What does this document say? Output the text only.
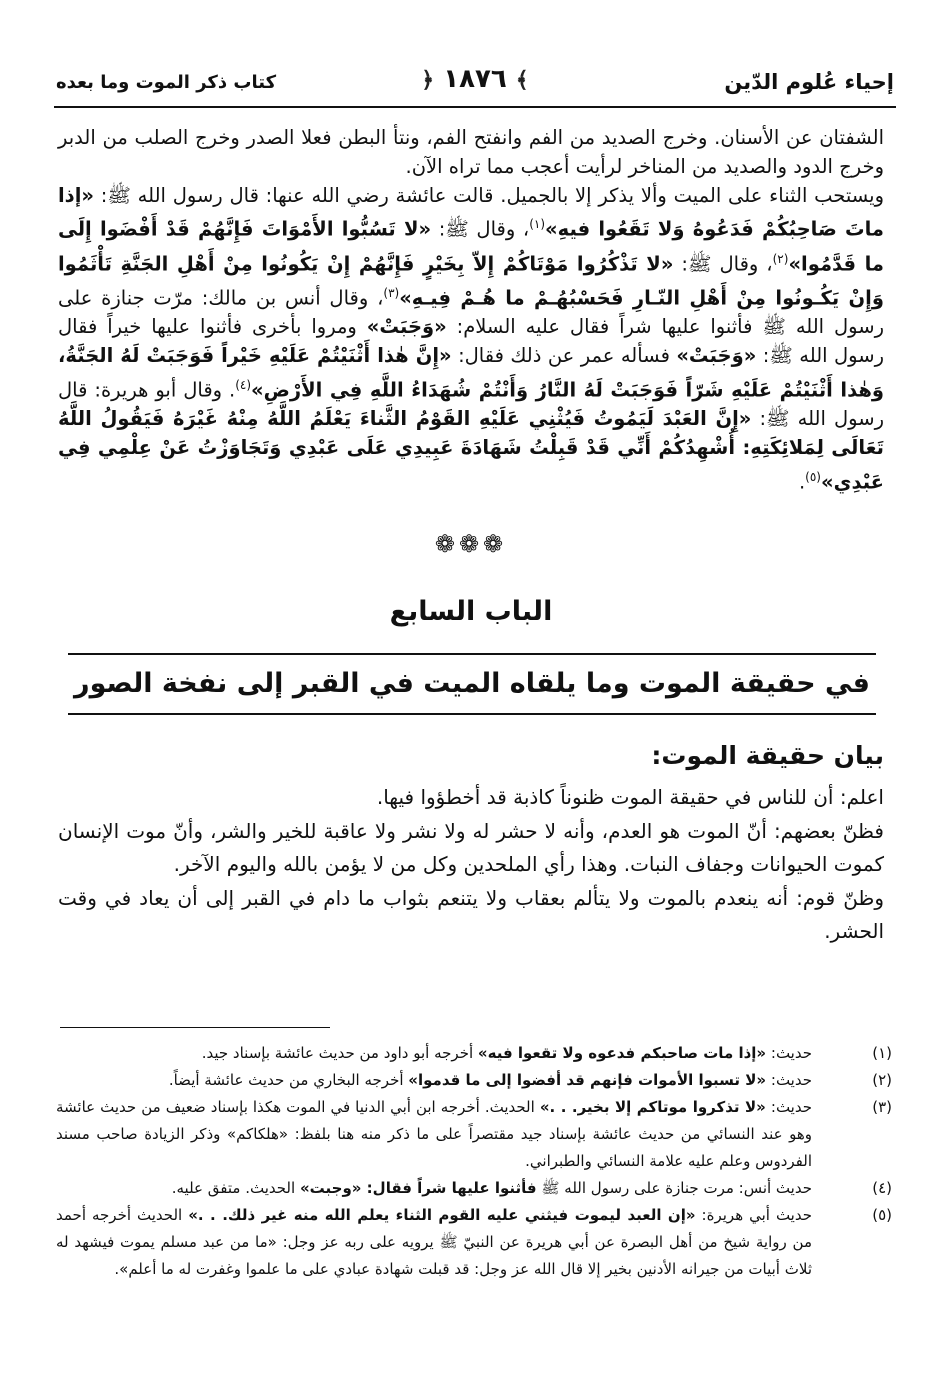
إحياء عُلوم الدّين
﴾ ١٨٧٦ ﴿
كتاب ذكر الموت وما بعده

الشفتان عن الأسنان. وخرج الصديد من الفم وانفتح الفم، ونتأ البطن فعلا الصدر وخرج الصلب من الدبر وخرج الدود والصديد من المناخر لرأيت أعجب مما تراه الآن.

ويستحب الثناء على الميت وألا يذكر إلا بالجميل. قالت عائشة رضي الله عنها: قال رسول الله ﷺ: «إذا ماتَ صَاحِبُكُمْ فَدَعُوهُ وَلا تَقَعُوا فيهِ»$^{(١)}$، وقال ﷺ: «لا تَسُبُّوا الأَمْوَاتَ فَإِنَّهُمْ قَدْ أَفْضَوا إِلَى ما قَدَّمُوا»$^{(٢)}$، وقال ﷺ: «لا تَذْكُرُوا مَوْتَاكُمْ إِلاّ بِخَيْرٍ فَإِنَّهُمْ إِنْ يَكُونُوا مِنْ أَهْلِ الجَنَّةِ تَأْثَمُوا وَإِنْ يَكُـونُوا مِنْ أَهْلِ النّـارِ فَحَسْبُهُـمْ ما هُـمْ فِيـهِ»$^{(٣)}$، وقال أنس بن مالك: مرّت جنازة على رسول الله ﷺ فأثنوا عليها شراً فقال عليه السلام: «وَجَبَتْ» ومروا بأخرى فأثنوا عليها خيراً فقال رسول الله ﷺ: «وَجَبَتْ» فسأله عمر عن ذلك فقال: «إِنَّ هٰذا أَثْنَيْتُمْ عَلَيْهِ خَيْراً فَوَجَبَتْ لَهُ الجَنَّةُ، وَهٰذا أَثْنَيْتُمْ عَلَيْهِ شَرّاً فَوَجَبَتْ لَهُ النَّارُ وَأَنْتُمْ شُهَدَاءُ اللَّهِ فِي الأَرْضِ»$^{(٤)}$. وقال أبو هريرة: قال رسول الله ﷺ: «إِنَّ العَبْدَ لَيَمُوتُ فَيُثْنِي عَلَيْهِ القَوْمُ الثَّناءَ يَعْلَمُ اللَّهُ مِنْهُ غَيْرَهُ فَيَقُولُ اللَّهُ تَعَالَى لِمَلائِكَتِهِ: أُشْهِدُكُمْ أَنِّي قَدْ قَبِلْتُ شَهَادَةَ عَبِيدِي عَلَى عَبْدِي وَتَجَاوَزْتُ عَنْ عِلْمِي فِي عَبْدِي»$^{(٥)}$.

❁❁❁
الباب السابع
في حقيقة الموت وما يلقاه الميت في القبر إلى نفخة الصور
بيان حقيقة الموت:

اعلم: أن للناس في حقيقة الموت ظنوناً كاذبة قد أخطؤوا فيها.

فظنّ بعضهم: أنّ الموت هو العدم، وأنه لا حشر له ولا نشر ولا عاقبة للخير والشر، وأنّ موت الإنسان كموت الحيوانات وجفاف النبات. وهذا رأي الملحدين وكل من لا يؤمن بالله واليوم الآخر.

وظنّ قوم: أنه ينعدم بالموت ولا يتألم بعقاب ولا يتنعم بثواب ما دام في القبر إلى أن يعاد في وقت الحشر.

(١)
حديث: «إذا مات صاحبكم فدعوه ولا تقعوا فيه» أخرجه أبو داود من حديث عائشة بإسناد جيد.
(٢)
حديث: «لا تسبوا الأموات فإنهم قد أفضوا إلى ما قدموا» أخرجه البخاري من حديث عائشة أيضاً.
(٣)
حديث: «لا تذكروا موتاكم إلا بخير. . .» الحديث. أخرجه ابن أبي الدنيا في الموت هكذا بإسناد ضعيف من حديث عائشة وهو عند النسائي من حديث عائشة بإسناد جيد مقتصراً على ما ذكر منه هنا بلفظ: «هلكاكم» وذكر الزيادة صاحب مسند الفردوس وعلم عليه علامة النسائي والطبراني.
(٤)
حديث أنس: مرت جنازة على رسول الله ﷺ فأثنوا عليها شراً فقال: «وجبت» الحديث. متفق عليه.
(٥)
حديث أبي هريرة: «إن العبد ليموت فيثني عليه القوم الثناء يعلم الله منه غير ذلك. . .» الحديث أخرجه أحمد من رواية شيخ من أهل البصرة عن أبي هريرة عن النبيّ ﷺ يرويه على ربه عز وجل: «ما من عبد مسلم يموت فيشهد له ثلاث أبيات من جيرانه الأدنين بخير إلا قال الله عز وجل: قد قبلت شهادة عبادي على ما علموا وغفرت له ما أعلم».
